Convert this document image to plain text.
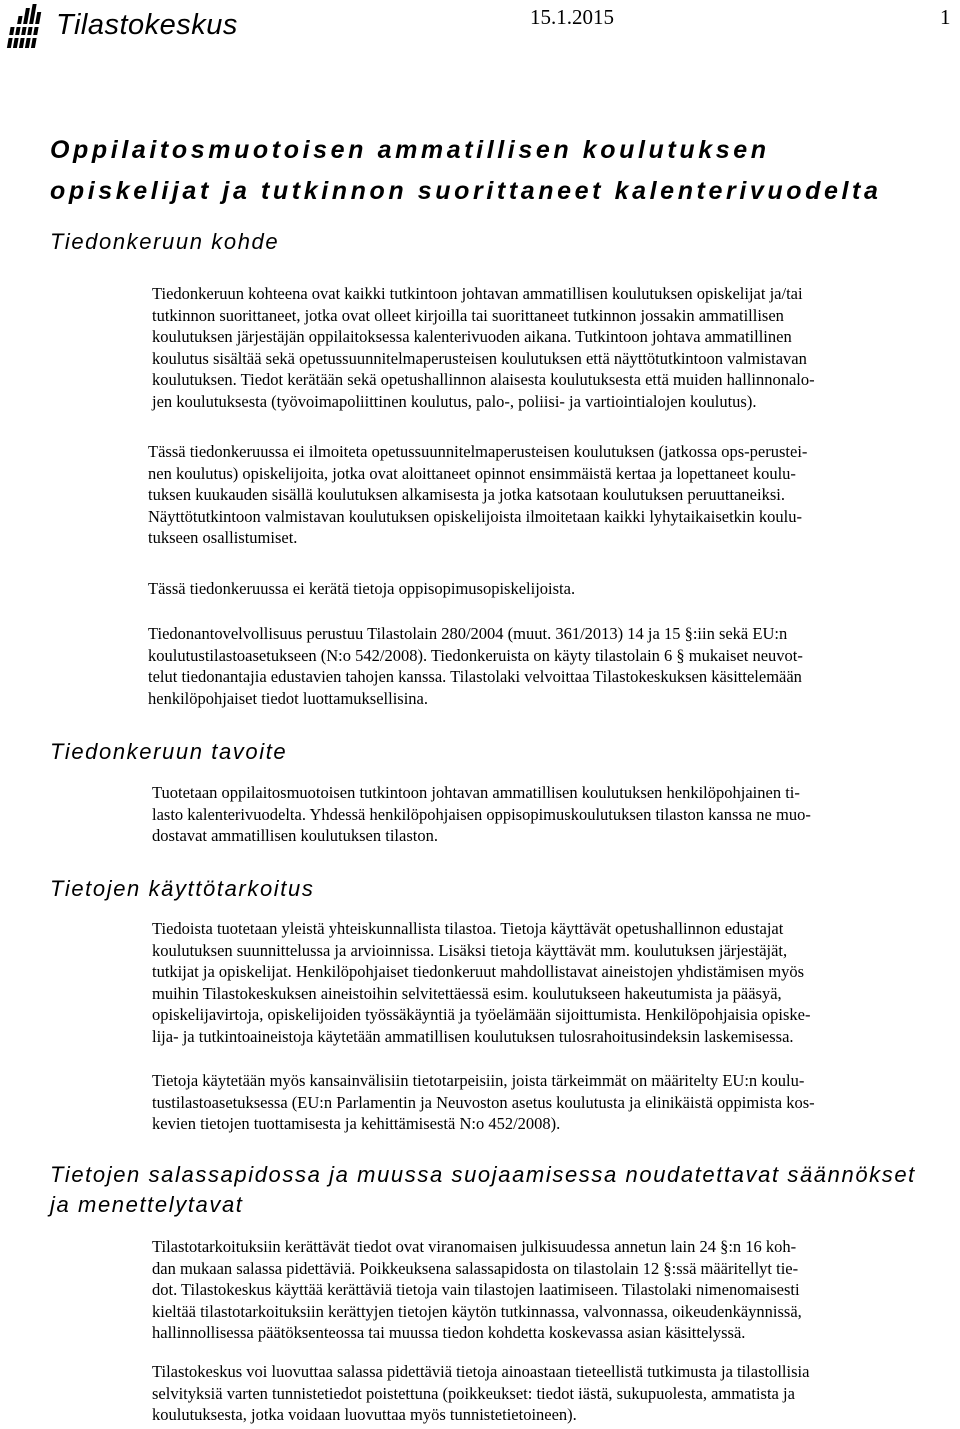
Tilastokeskus	15.1.2015	1
Oppilaitosmuotoisen ammatillisen koulutuksen
opiskelijat ja tutkinnon suorittaneet kalenterivuodelta
Tiedonkeruun kohde

Tiedonkeruun kohteena ovat kaikki tutkintoon johtavan ammatillisen koulutuksen opiskelijat ja/tai
tutkinnon suorittaneet, jotka ovat olleet kirjoilla tai suorittaneet tutkinnon jossakin ammatillisen
koulutuksen järjestäjän oppilaitoksessa kalenterivuoden aikana. Tutkintoon johtava ammatillinen
koulutus sisältää sekä opetussuunnitelmaperusteisen koulutuksen että näyttötutkintoon valmistavan
koulutuksen. Tiedot kerätään sekä opetushallinnon alaisesta koulutuksesta että muiden hallinnonalo-
jen koulutuksesta (työvoimapoliittinen koulutus, palo-, poliisi- ja vartiointialojen koulutus).

Tässä tiedonkeruussa ei ilmoiteta opetussuunnitelmaperusteisen koulutuksen (jatkossa ops-perustei-
nen koulutus) opiskelijoita, jotka ovat aloittaneet opinnot ensimmäistä kertaa ja lopettaneet koulu-
tuksen kuukauden sisällä koulutuksen alkamisesta ja jotka katsotaan koulutuksen peruuttaneiksi.
Näyttötutkintoon valmistavan koulutuksen opiskelijoista ilmoitetaan kaikki lyhytaikaisetkin koulu-
tukseen osallistumiset.

Tässä tiedonkeruussa ei kerätä tietoja oppisopimusopiskelijoista.

Tiedonantovelvollisuus perustuu Tilastolain 280/2004 (muut. 361/2013) 14 ja 15 §:iin sekä EU:n
koulutustilastoasetukseen (N:o 542/2008). Tiedonkeruista on käyty tilastolain 6 § mukaiset neuvot-
telut tiedonantajia edustavien tahojen kanssa. Tilastolaki velvoittaa Tilastokeskuksen käsittelemään
henkilöpohjaiset tiedot luottamuksellisina.

Tiedonkeruun tavoite

Tuotetaan oppilaitosmuotoisen tutkintoon johtavan ammatillisen koulutuksen henkilöpohjainen ti-
lasto kalenterivuodelta. Yhdessä henkilöpohjaisen oppisopimuskoulutuksen tilaston kanssa ne muo-
dostavat ammatillisen koulutuksen tilaston.

Tietojen käyttötarkoitus

Tiedoista tuotetaan yleistä yhteiskunnallista tilastoa. Tietoja käyttävät opetushallinnon edustajat
koulutuksen suunnittelussa ja arvioinnissa. Lisäksi tietoja käyttävät mm. koulutuksen järjestäjät,
tutkijat ja opiskelijat. Henkilöpohjaiset tiedonkeruut mahdollistavat aineistojen yhdistämisen myös
muihin Tilastokeskuksen aineistoihin selvitettäessä esim. koulutukseen hakeutumista ja pääsyä,
opiskelijavirtoja, opiskelijoiden työssäkäyntiä ja työelämään sijoittumista. Henkilöpohjaisia opiske-
lija- ja tutkintoaineistoja käytetään ammatillisen koulutuksen tulosrahoitusindeksin laskemisessa.

Tietoja käytetään myös kansainvälisiin tietotarpeisiin, joista tärkeimmät on määritelty EU:n koulu-
tustilastoasetuksessa (EU:n Parlamentin ja Neuvoston asetus koulutusta ja elinikäistä oppimista kos-
kevien tietojen tuottamisesta ja kehittämisestä N:o 452/2008).

Tietojen salassapidossa ja muussa suojaamisessa noudatettavat säännökset
ja menettelytavat

Tilastotarkoituksiin kerättävät tiedot ovat viranomaisen julkisuudessa annetun lain 24 §:n 16 koh-
dan mukaan salassa pidettäviä. Poikkeuksena salassapidosta on tilastolain 12 §:ssä määritellyt tie-
dot. Tilastokeskus käyttää kerättäviä tietoja vain tilastojen laatimiseen. Tilastolaki nimenomaisesti
kieltää tilastotarkoituksiin kerättyjen tietojen käytön tutkinnassa, valvonnassa, oikeudenkäynnissä,
hallinnollisessa päätöksenteossa tai muussa tiedon kohdetta koskevassa asian käsittelyssä.

Tilastokeskus voi luovuttaa salassa pidettäviä tietoja ainoastaan tieteellistä tutkimusta ja tilastollisia
selvityksiä varten tunnistetiedot poistettuna (poikkeukset: tiedot iästä, sukupuolesta, ammatista ja
koulutuksesta, jotka voidaan luovuttaa myös tunnistetietoineen).
